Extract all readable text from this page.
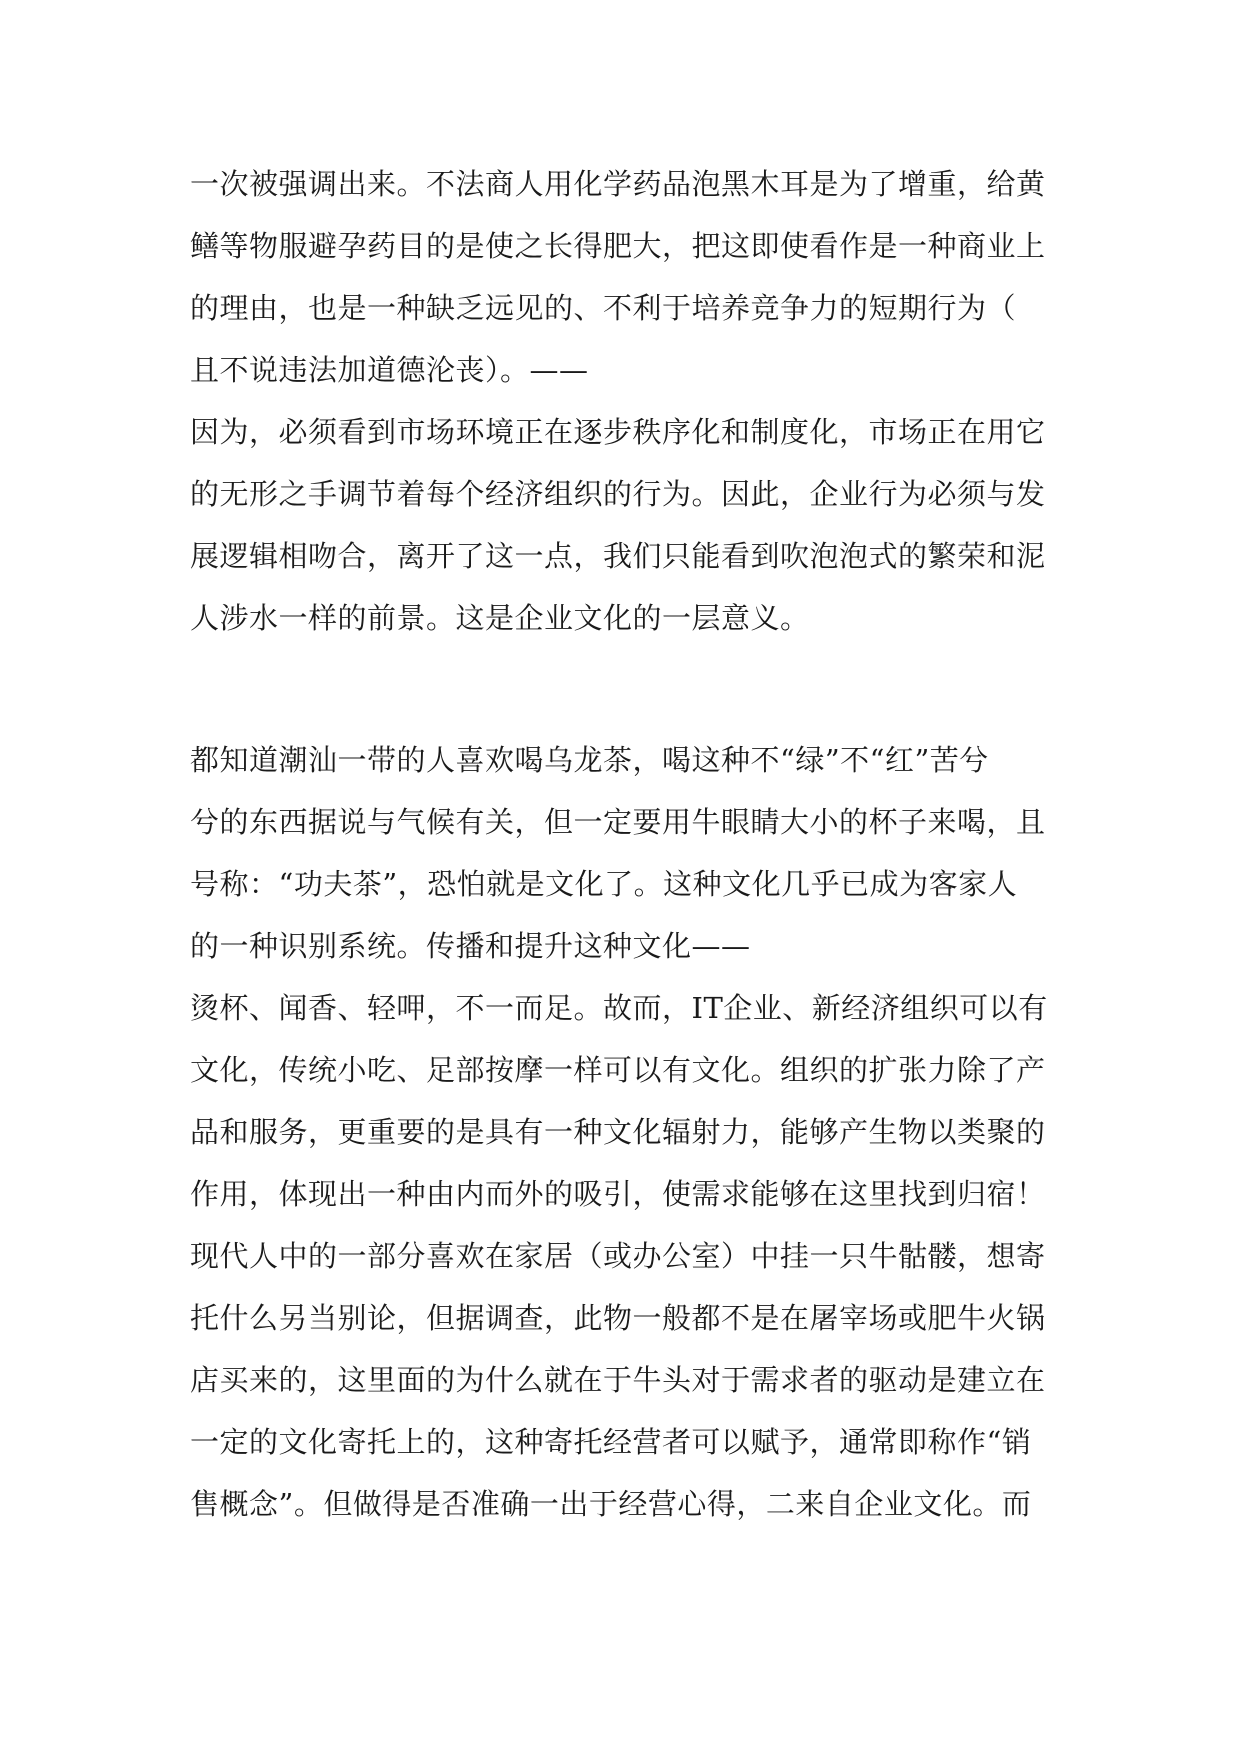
一次被强调出来。不法商人用化学药品泡黑木耳是为了增重，给黄
鳝等物服避孕药目的是使之长得肥大，把这即使看作是一种商业上
的理由，也是一种缺乏远见的、不利于培养竞争力的短期行为（
且不说违法加道德沦丧）。——
因为，必须看到市场环境正在逐步秩序化和制度化，市场正在用它
的无形之手调节着每个经济组织的行为。因此，企业行为必须与发
展逻辑相吻合，离开了这一点，我们只能看到吹泡泡式的繁荣和泥
人涉水一样的前景。这是企业文化的一层意义。
都知道潮汕一带的人喜欢喝乌龙茶，喝这种不“绿”不“红”苦兮
兮的东西据说与气候有关，但一定要用牛眼睛大小的杯子来喝，且
号称：“功夫茶”，恐怕就是文化了。这种文化几乎已成为客家人
的一种识别系统。传播和提升这种文化——
烫杯、闻香、轻呷，不一而足。故而，IT企业、新经济组织可以有
文化，传统小吃、足部按摩一样可以有文化。组织的扩张力除了产
品和服务，更重要的是具有一种文化辐射力，能够产生物以类聚的
作用，体现出一种由内而外的吸引，使需求能够在这里找到归宿！
现代人中的一部分喜欢在家居（或办公室）中挂一只牛骷髅，想寄
托什么另当别论，但据调查，此物一般都不是在屠宰场或肥牛火锅
店买来的，这里面的为什么就在于牛头对于需求者的驱动是建立在
一定的文化寄托上的，这种寄托经营者可以赋予，通常即称作“销
售概念”。但做得是否准确一出于经营心得，二来自企业文化。而
